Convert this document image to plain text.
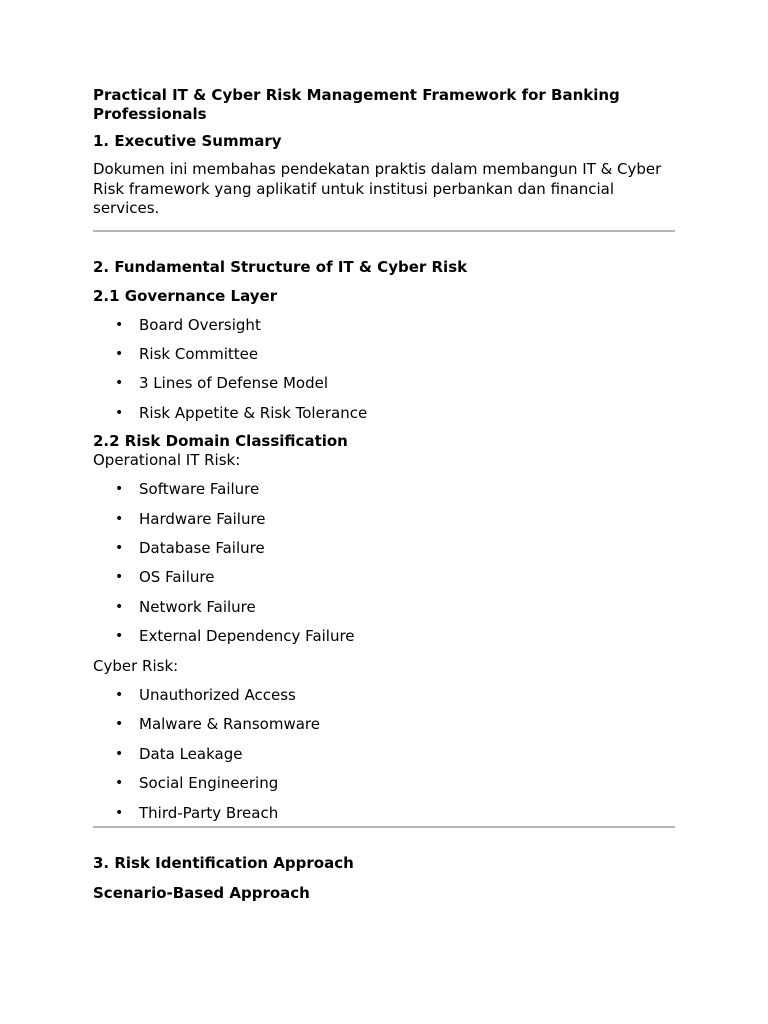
Practical IT & Cyber Risk Management Framework for Banking Professionals
1. Executive Summary

Dokumen ini membahas pendekatan praktis dalam membangun IT & Cyber Risk framework yang aplikatif untuk institusi perbankan dan financial services.

2. Fundamental Structure of IT & Cyber Risk
2.1 Governance Layer
• Board Oversight
• Risk Committee
• 3 Lines of Defense Model
• Risk Appetite & Risk Tolerance
2.2 Risk Domain Classification

Operational IT Risk:

• Software Failure
• Hardware Failure
• Database Failure
• OS Failure
• Network Failure
• External Dependency Failure

Cyber Risk:

• Unauthorized Access
• Malware & Ransomware
• Data Leakage
• Social Engineering
• Third-Party Breach
3. Risk Identification Approach
Scenario-Based Approach
